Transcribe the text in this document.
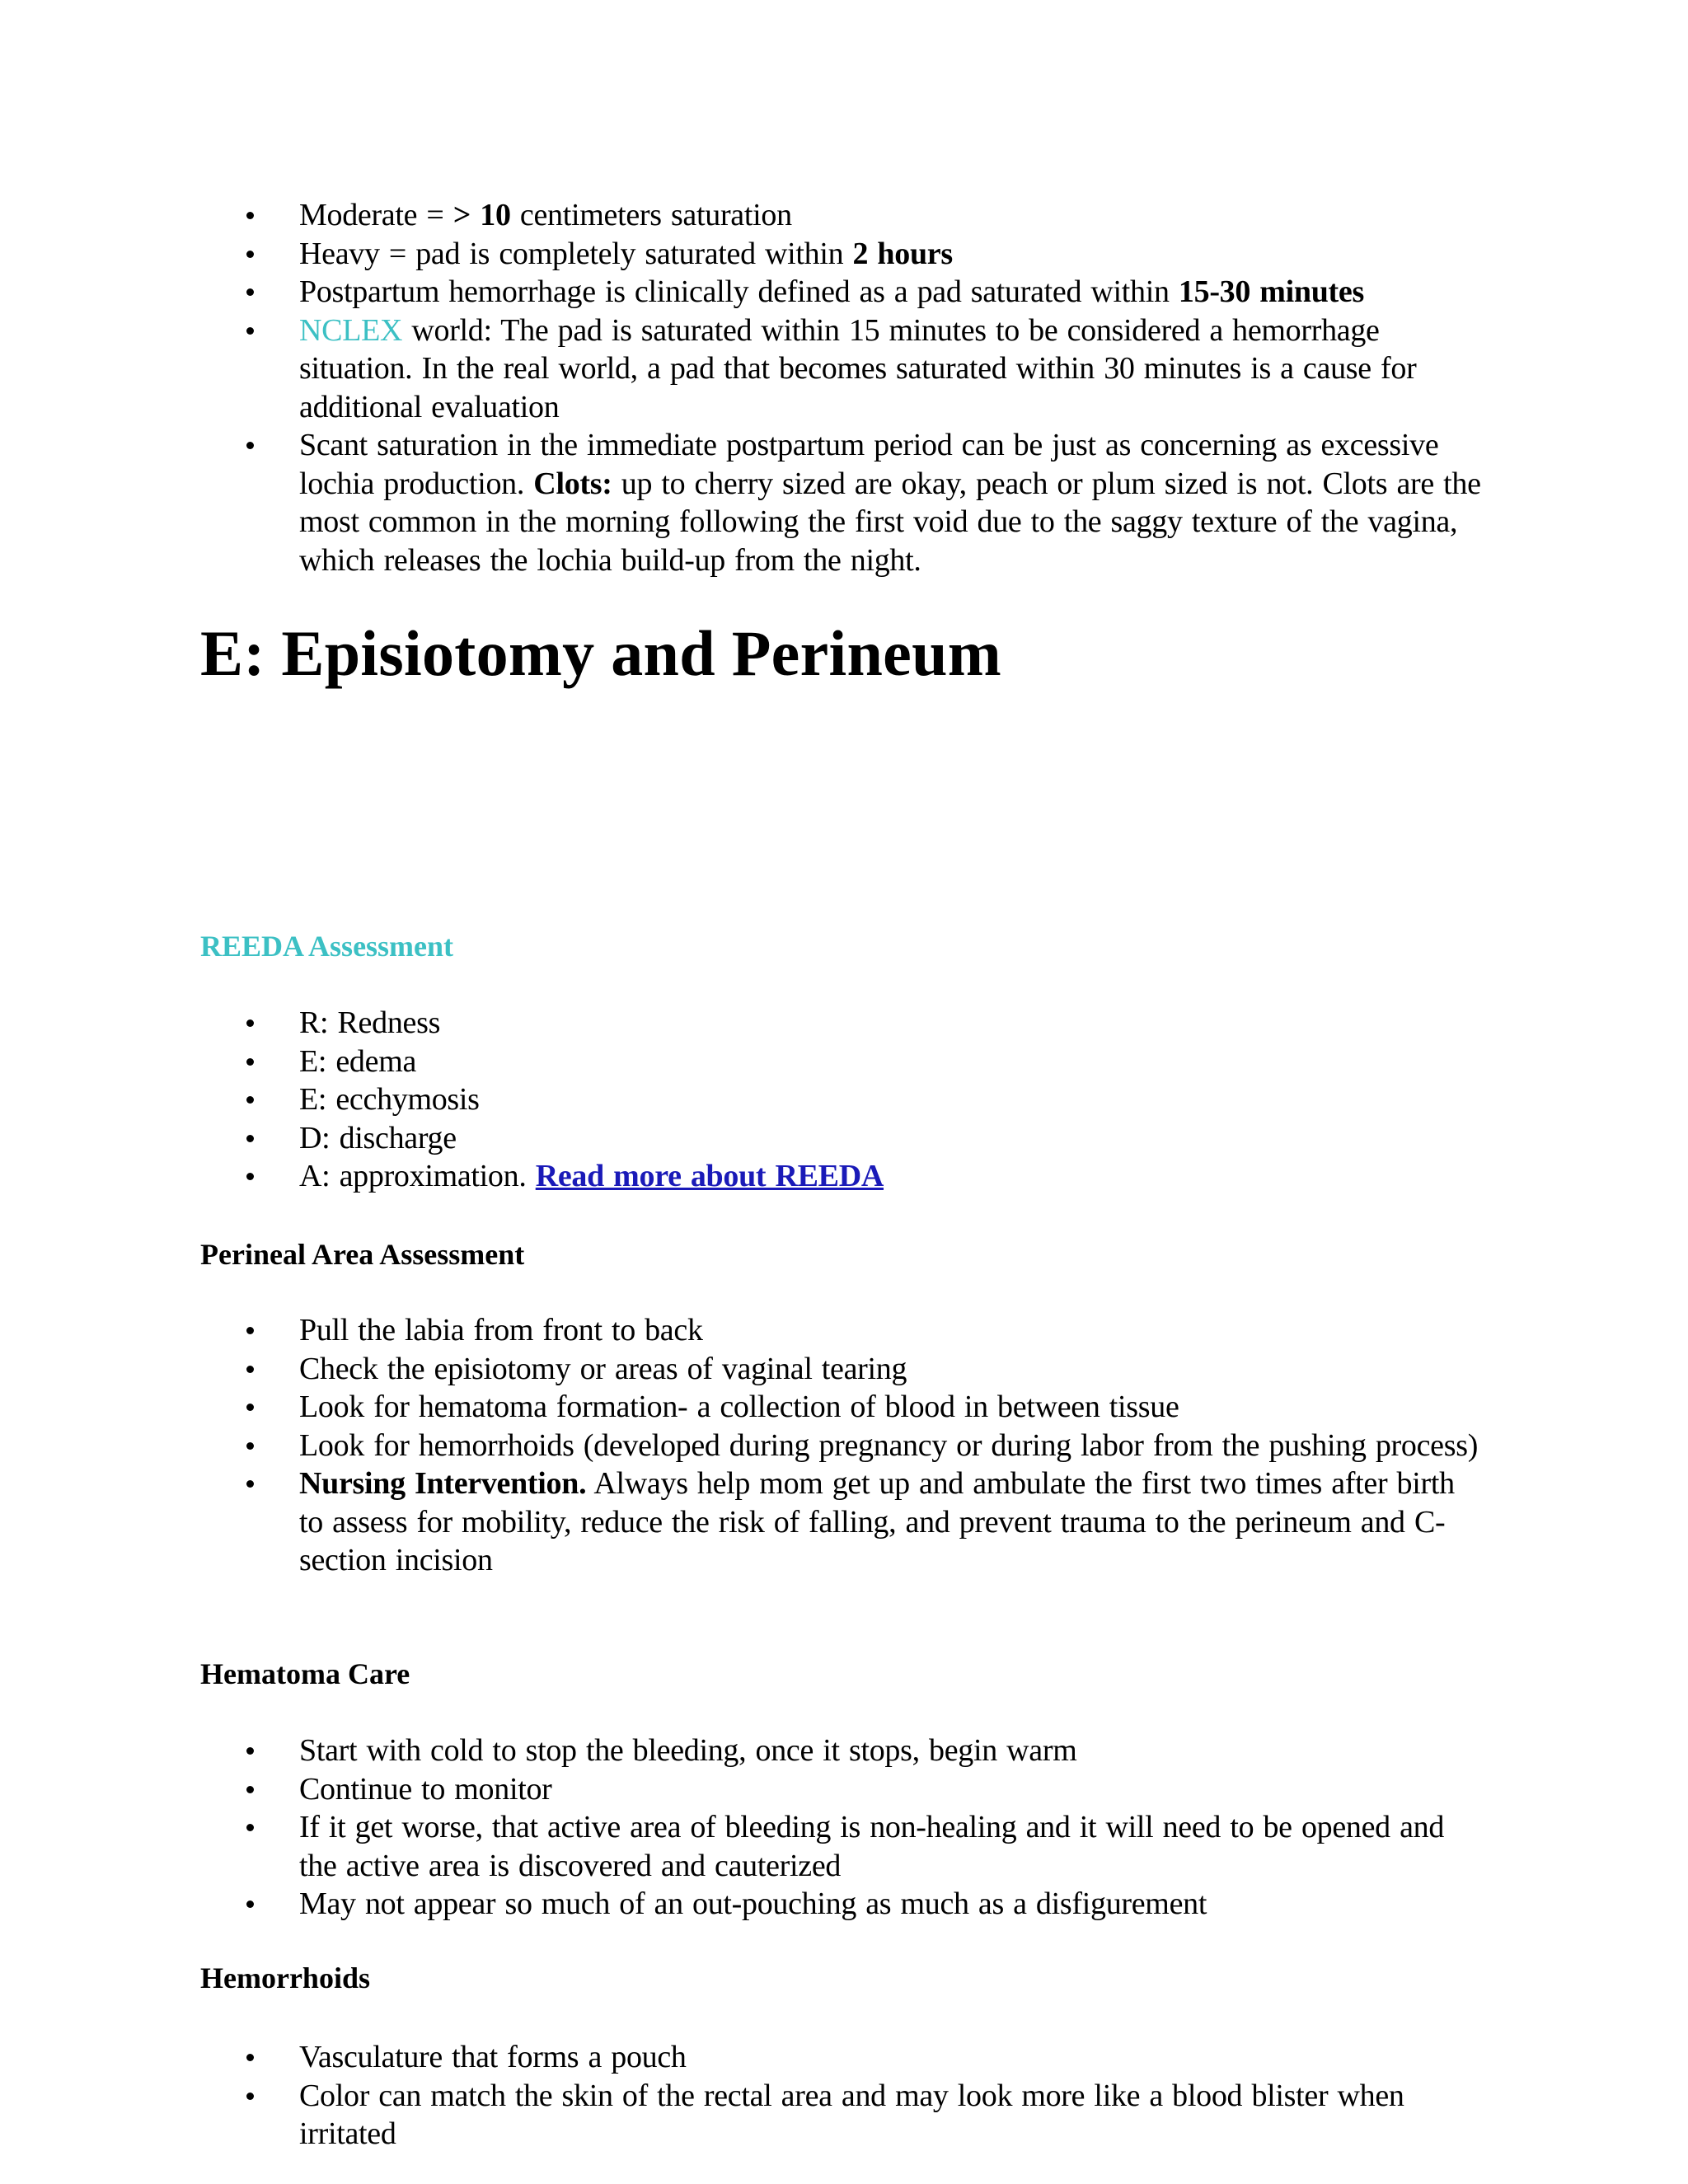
Moderate = > 10 centimeters saturation
Heavy = pad is completely saturated within 2 hours
Postpartum hemorrhage is clinically defined as a pad saturated within 15-30 minutes
NCLEX world: The pad is saturated within 15 minutes to be considered a hemorrhage situation. In the real world, a pad that becomes saturated within 30 minutes is a cause for additional evaluation
Scant saturation in the immediate postpartum period can be just as concerning as excessive lochia production. Clots: up to cherry sized are okay, peach or plum sized is not. Clots are the most common in the morning following the first void due to the saggy texture of the vagina, which releases the lochia build-up from the night.
E: Episiotomy and Perineum
REEDA Assessment
R: Redness
E: edema
E: ecchymosis
D: discharge
A: approximation. Read more about REEDA
Perineal Area Assessment
Pull the labia from front to back
Check the episiotomy or areas of vaginal tearing
Look for hematoma formation- a collection of blood in between tissue
Look for hemorrhoids (developed during pregnancy or during labor from the pushing process)
Nursing Intervention. Always help mom get up and ambulate the first two times after birth to assess for mobility, reduce the risk of falling, and prevent trauma to the perineum and C-section incision
Hematoma Care
Start with cold to stop the bleeding, once it stops, begin warm
Continue to monitor
If it get worse, that active area of bleeding is non-healing and it will need to be opened and the active area is discovered and cauterized
May not appear so much of an out-pouching as much as a disfigurement
Hemorrhoids
Vasculature that forms a pouch
Color can match the skin of the rectal area and may look more like a blood blister when irritated
